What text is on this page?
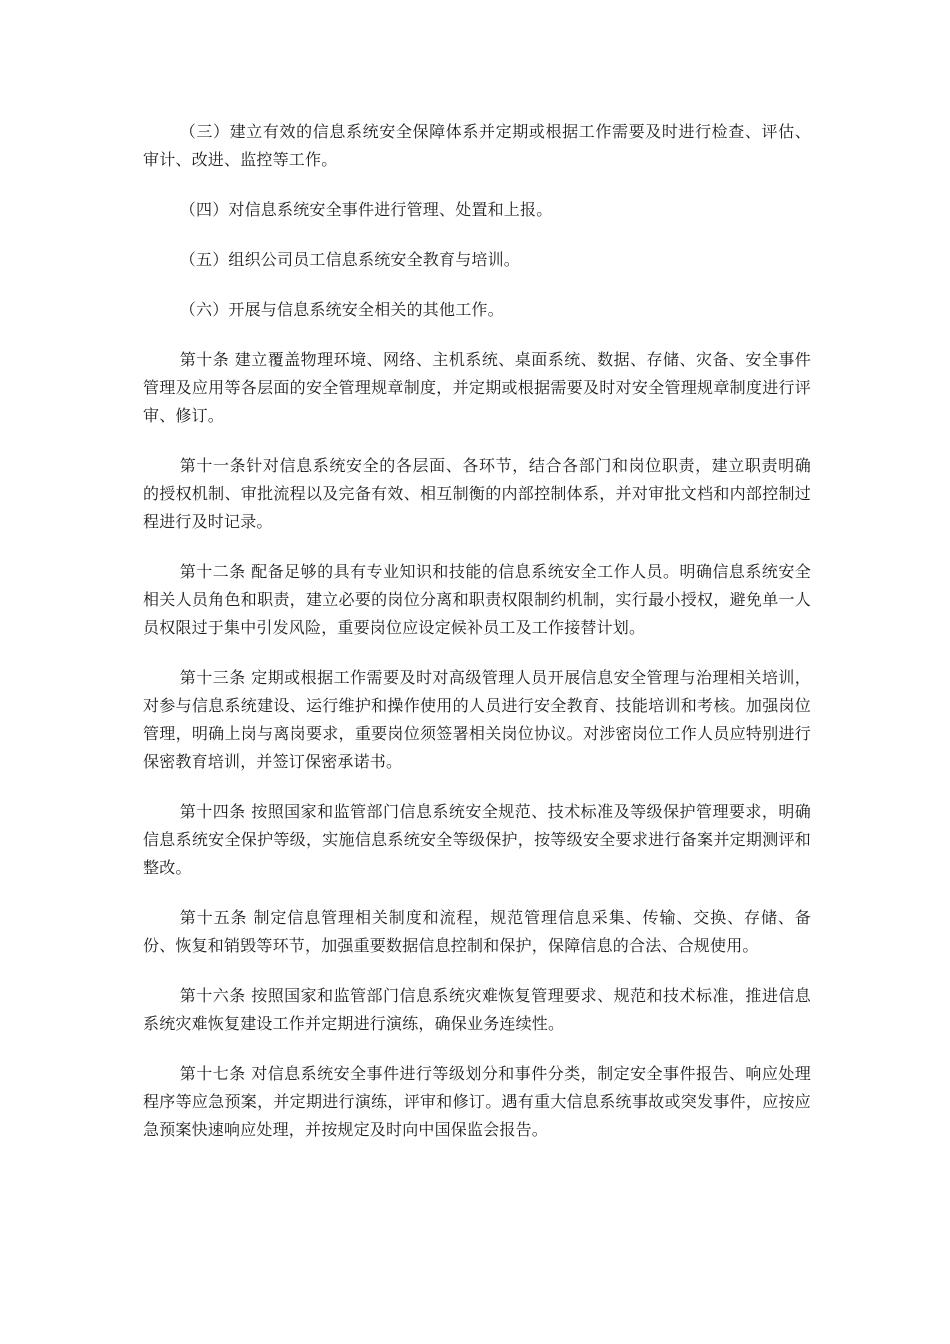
（三）建立有效的信息系统安全保障体系并定期或根据工作需要及时进行检查、评估、审计、改进、监控等工作。

（四）对信息系统安全事件进行管理、处置和上报。

（五）组织公司员工信息系统安全教育与培训。

（六）开展与信息系统安全相关的其他工作。

第十条 建立覆盖物理环境、网络、主机系统、桌面系统、数据、存储、灾备、安全事件管理及应用等各层面的安全管理规章制度，并定期或根据需要及时对安全管理规章制度进行评审、修订。

第十一条针对信息系统安全的各层面、各环节，结合各部门和岗位职责，建立职责明确的授权机制、审批流程以及完备有效、相互制衡的内部控制体系，并对审批文档和内部控制过程进行及时记录。

第十二条 配备足够的具有专业知识和技能的信息系统安全工作人员。明确信息系统安全相关人员角色和职责，建立必要的岗位分离和职责权限制约机制，实行最小授权，避免单一人员权限过于集中引发风险，重要岗位应设定候补员工及工作接替计划。

第十三条 定期或根据工作需要及时对高级管理人员开展信息安全管理与治理相关培训，对参与信息系统建设、运行维护和操作使用的人员进行安全教育、技能培训和考核。加强岗位管理，明确上岗与离岗要求，重要岗位须签署相关岗位协议。对涉密岗位工作人员应特别进行保密教育培训，并签订保密承诺书。

第十四条 按照国家和监管部门信息系统安全规范、技术标准及等级保护管理要求，明确信息系统安全保护等级，实施信息系统安全等级保护，按等级安全要求进行备案并定期测评和整改。

第十五条 制定信息管理相关制度和流程，规范管理信息采集、传输、交换、存储、备份、恢复和销毁等环节，加强重要数据信息控制和保护，保障信息的合法、合规使用。

第十六条 按照国家和监管部门信息系统灾难恢复管理要求、规范和技术标准，推进信息系统灾难恢复建设工作并定期进行演练，确保业务连续性。

第十七条 对信息系统安全事件进行等级划分和事件分类，制定安全事件报告、响应处理程序等应急预案，并定期进行演练，评审和修订。遇有重大信息系统事故或突发事件，应按应急预案快速响应处理，并按规定及时向中国保监会报告。
